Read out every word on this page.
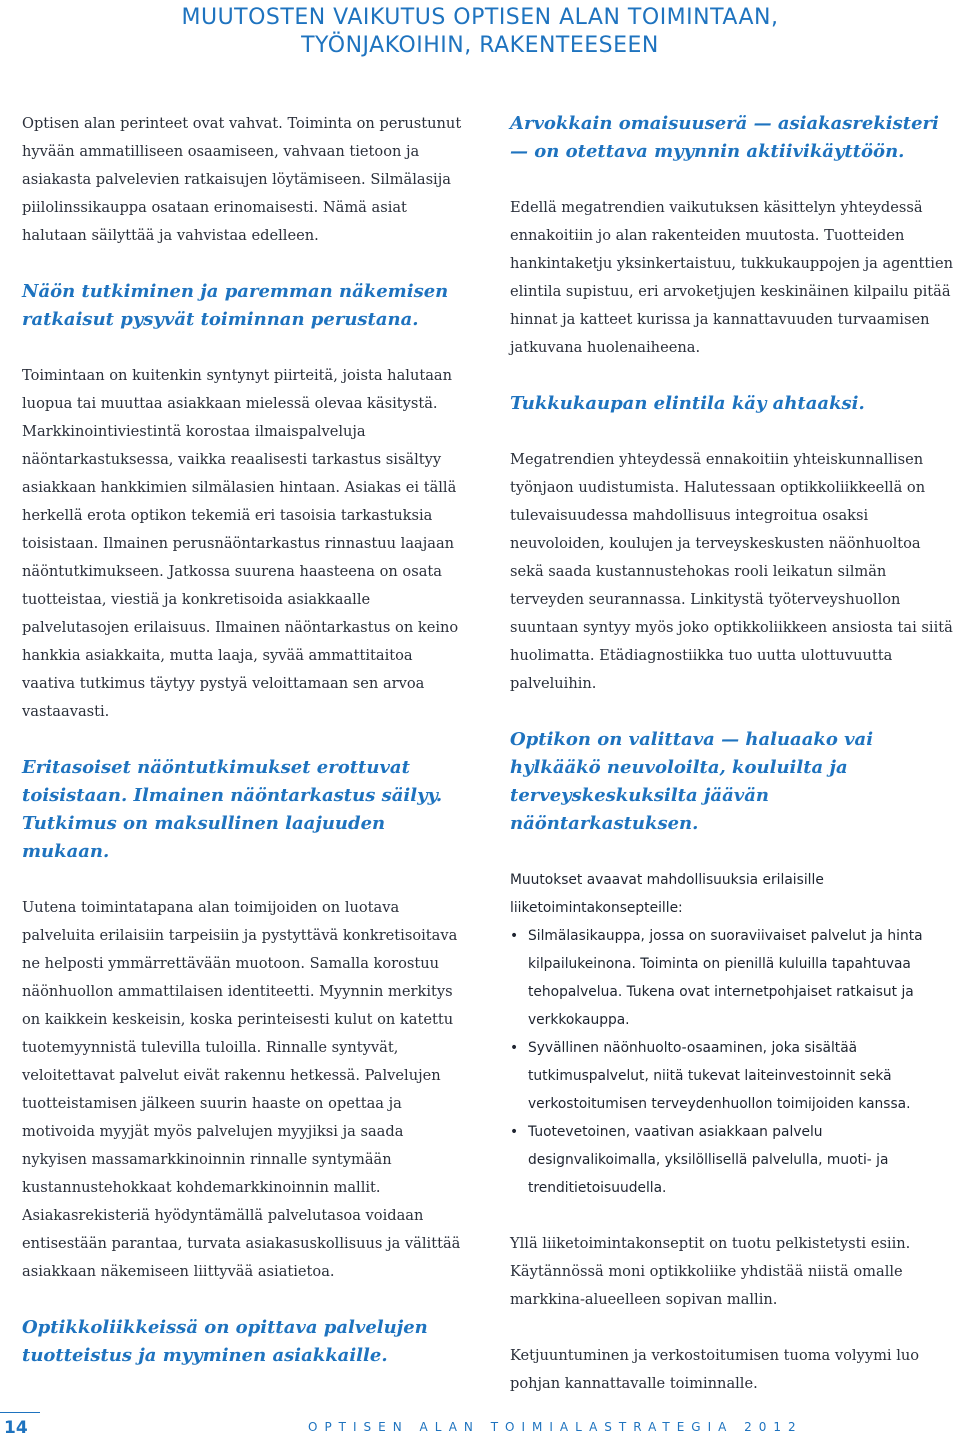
MUUTOSTEN VAIKUTUS OPTISEN ALAN TOIMINTAAN,
TYÖNJAKOIHIN, RAKENTEESEEN

Optisen alan perinteet ovat vahvat. Toiminta on perustunut hyvään ammatilliseen osaamiseen, vahvaan tietoon ja asiakasta palvelevien ratkaisujen löytämiseen. Silmälasija piilolinssikauppa osataan erinomaisesti. Nämä asiat halutaan säilyttää ja vahvistaa edelleen.

Näön tutkiminen ja paremman näkemisen ratkaisut pysyvät toiminnan perustana.

Toimintaan on kuitenkin syntynyt piirteitä, joista halutaan luopua tai muuttaa asiakkaan mielessä olevaa käsitystä. Markkinointiviestintä korostaa ilmaispalveluja näöntarkastuksessa, vaikka reaalisesti tarkastus sisältyy asiakkaan hankkimien silmälasien hintaan. Asiakas ei tällä herkellä erota optikon tekemiä eri tasoisia tarkastuksia toisistaan. Ilmainen perusnäöntarkastus rinnastuu laajaan näöntutkimukseen. Jatkossa suurena haasteena on osata tuotteistaa, viestiä ja konkretisoida asiakkaalle palvelutasojen erilaisuus. Ilmainen näöntarkastus on keino hankkia asiakkaita, mutta laaja, syvää ammattitaitoa vaativa tutkimus täytyy pystyä veloittamaan sen arvoa vastaavasti.

Eritasoiset näöntutkimukset erottuvat toisistaan. Ilmainen näöntarkastus säilyy. Tutkimus on maksullinen laajuuden mukaan.

Uutena toimintatapana alan toimijoiden on luotava palveluita erilaisiin tarpeisiin ja pystyttävä konkretisoitava ne helposti ymmärrettävään muotoon. Samalla korostuu näönhuollon ammattilaisen identiteetti. Myynnin merkitys on kaikkein keskeisin, koska perinteisesti kulut on katettu tuotemyynnistä tulevilla tuloilla. Rinnalle syntyvät, veloitettavat palvelut eivät rakennu hetkessä. Palvelujen tuotteistamisen jälkeen suurin haaste on opettaa ja motivoida myyjät myös palvelujen myyjiksi ja saada nykyisen massamarkkinoinnin rinnalle syntymään kustannustehokkaat kohdemarkkinoinnin mallit. Asiakasrekisteriä hyödyntämällä palvelutasoa voidaan entisestään parantaa, turvata asiakasuskollisuus ja välittää asiakkaan näkemiseen liittyvää asiatietoa.

Optikkoliikkeissä on opittava palvelujen tuotteistus ja myyminen asiakkaille.

Arvokkain omaisuuserä — asiakasrekisteri — on otettava myynnin aktiivikäyttöön.

Edellä megatrendien vaikutuksen käsittelyn yhteydessä ennakoitiin jo alan rakenteiden muutosta. Tuotteiden hankintaketju yksinkertaistuu, tukkukauppojen ja agenttien elintila supistuu, eri arvoketjujen keskinäinen kilpailu pitää hinnat ja katteet kurissa ja kannattavuuden turvaamisen jatkuvana huolenaiheena.

Tukkukaupan elintila käy ahtaaksi.

Megatrendien yhteydessä ennakoitiin yhteiskunnallisen työnjaon uudistumista. Halutessaan optikkoliikkeellä on tulevaisuudessa mahdollisuus integroitua osaksi neuvoloiden, koulujen ja terveyskeskusten näönhuoltoa sekä saada kustannustehokas rooli leikatun silmän terveyden seurannassa. Linkitystä työterveyshuollon suuntaan syntyy myös joko optikkoliikkeen ansiosta tai siitä huolimatta. Etädiagnostiikka tuo uutta ulottuvuutta palveluihin.

Optikon on valittava — haluaako vai hylkääkö neuvoloilta, kouluilta ja terveyskeskuksilta jäävän näöntarkastuksen.

Muutokset avaavat mahdollisuuksia erilaisille liiketoimintakonsepteille:

• Silmälasikauppa, jossa on suoraviivaiset palvelut ja hinta kilpailukeinona. Toiminta on pienillä kuluilla tapahtuvaa tehopalvelua. Tukena ovat internetpohjaiset ratkaisut ja verkkokauppa.
• Syvällinen näönhuolto-osaaminen, joka sisältää tutkimuspalvelut, niitä tukevat laiteinvestoinnit sekä verkostoitumisen terveydenhuollon toimijoiden kanssa.
• Tuotevetoinen, vaativan asiakkaan palvelu designvalikoimalla, yksilöllisellä palvelulla, muoti- ja trenditietoisuudella.

Yllä liiketoimintakonseptit on tuotu pelkistetysti esiin. Käytännössä moni optikkoliike yhdistää niistä omalle markkina-alueelleen sopivan mallin.

Ketjuuntuminen ja verkostoitumisen tuoma volyymi luo pohjan kannattavalle toiminnalle.

14	OPTISEN ALAN TOIMIALASTRATEGIA 2012
